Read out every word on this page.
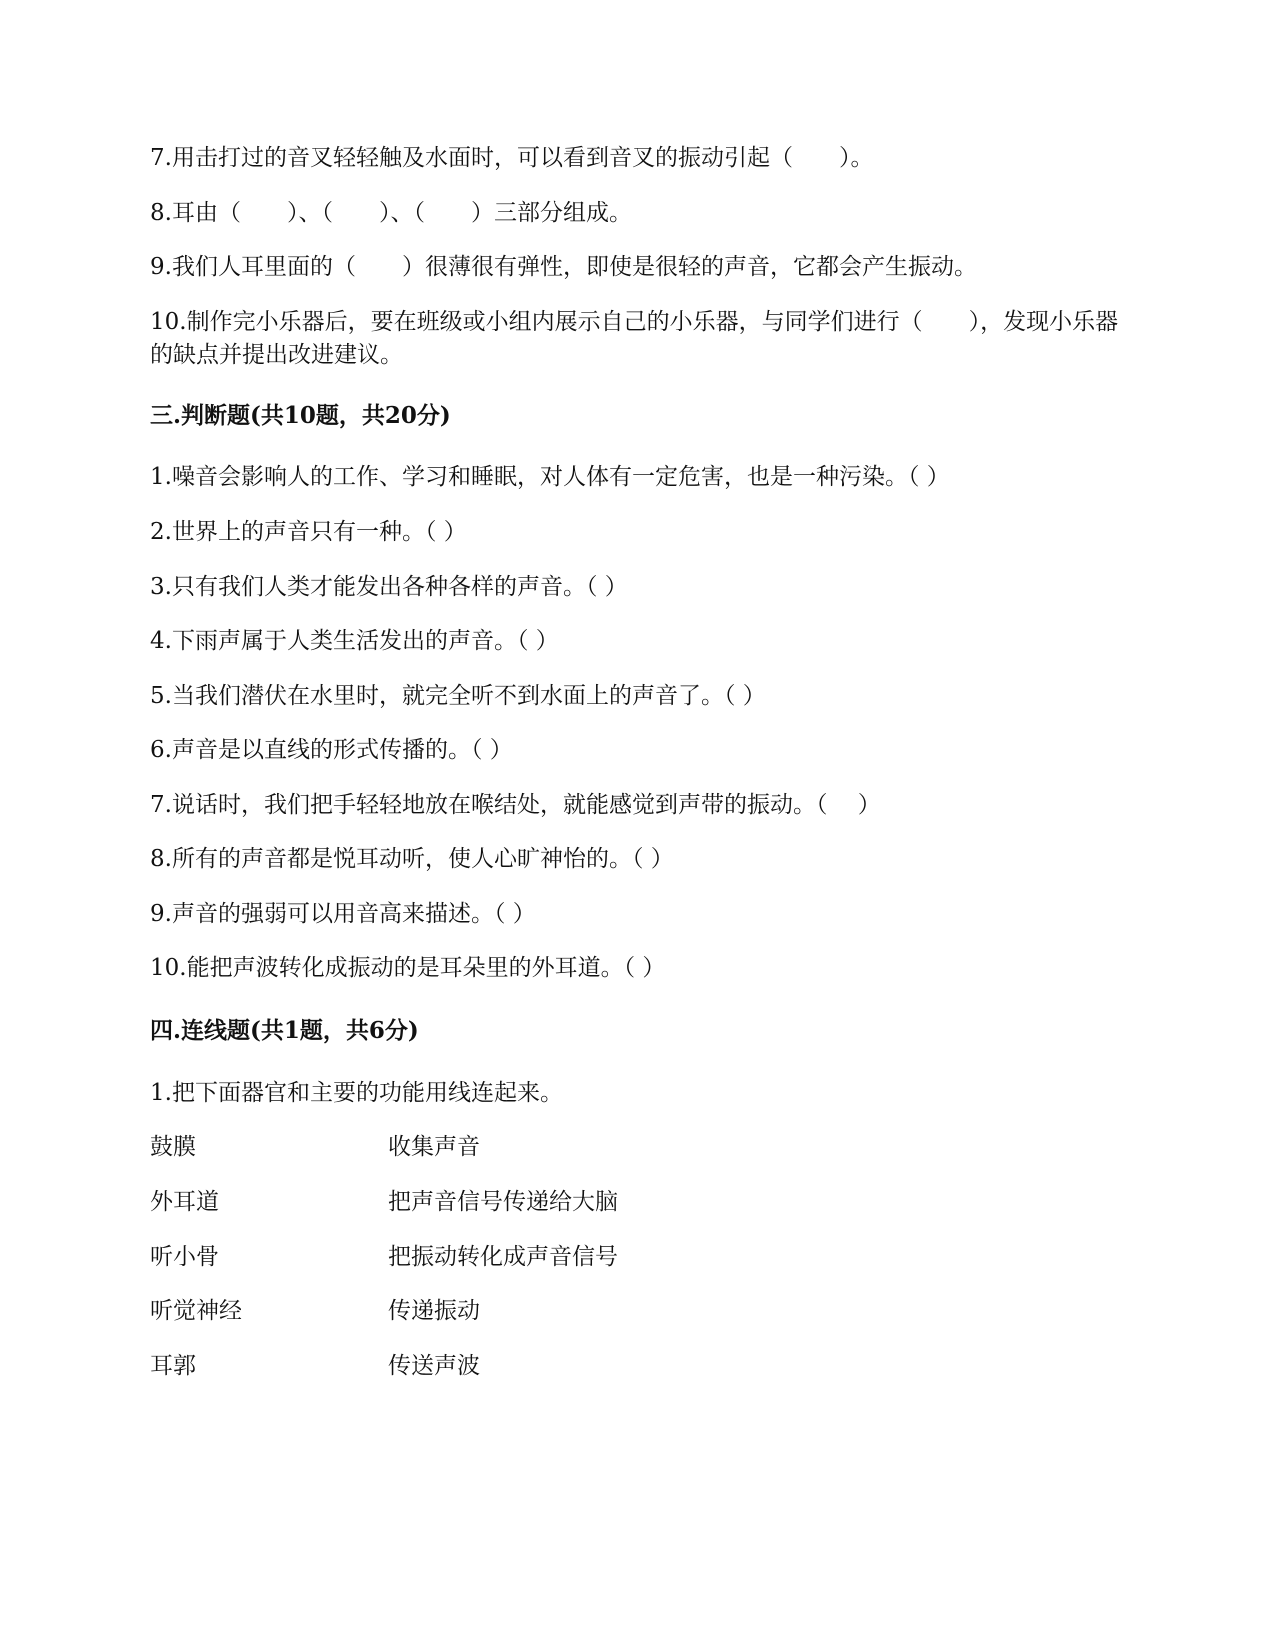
7.用击打过的音叉轻轻触及水面时，可以看到音叉的振动引起（　　）。
8.耳由（　　）、（　　）、（　　）三部分组成。
9.我们人耳里面的（　　）很薄很有弹性，即使是很轻的声音，它都会产生振动。
10.制作完小乐器后，要在班级或小组内展示自己的小乐器，与同学们进行（　　），发现小乐器的缺点并提出改进建议。
三.判断题(共10题，共20分)
1.噪音会影响人的工作、学习和睡眠，对人体有一定危害，也是一种污染。（ ）
2.世界上的声音只有一种。（ ）
3.只有我们人类才能发出各种各样的声音。（ ）
4.下雨声属于人类生活发出的声音。（ ）
5.当我们潜伏在水里时，就完全听不到水面上的声音了。（ ）
6.声音是以直线的形式传播的。（ ）
7.说话时，我们把手轻轻地放在喉结处，就能感觉到声带的振动。（　 ）
8.所有的声音都是悦耳动听，使人心旷神怡的。（ ）
9.声音的强弱可以用音高来描述。（ ）
10.能把声波转化成振动的是耳朵里的外耳道。（ ）
四.连线题(共1题，共6分)
1.把下面器官和主要的功能用线连起来。
鼓膜	收集声音
外耳道	把声音信号传递给大脑
听小骨	把振动转化成声音信号
听觉神经	传递振动
耳郭	传送声波
